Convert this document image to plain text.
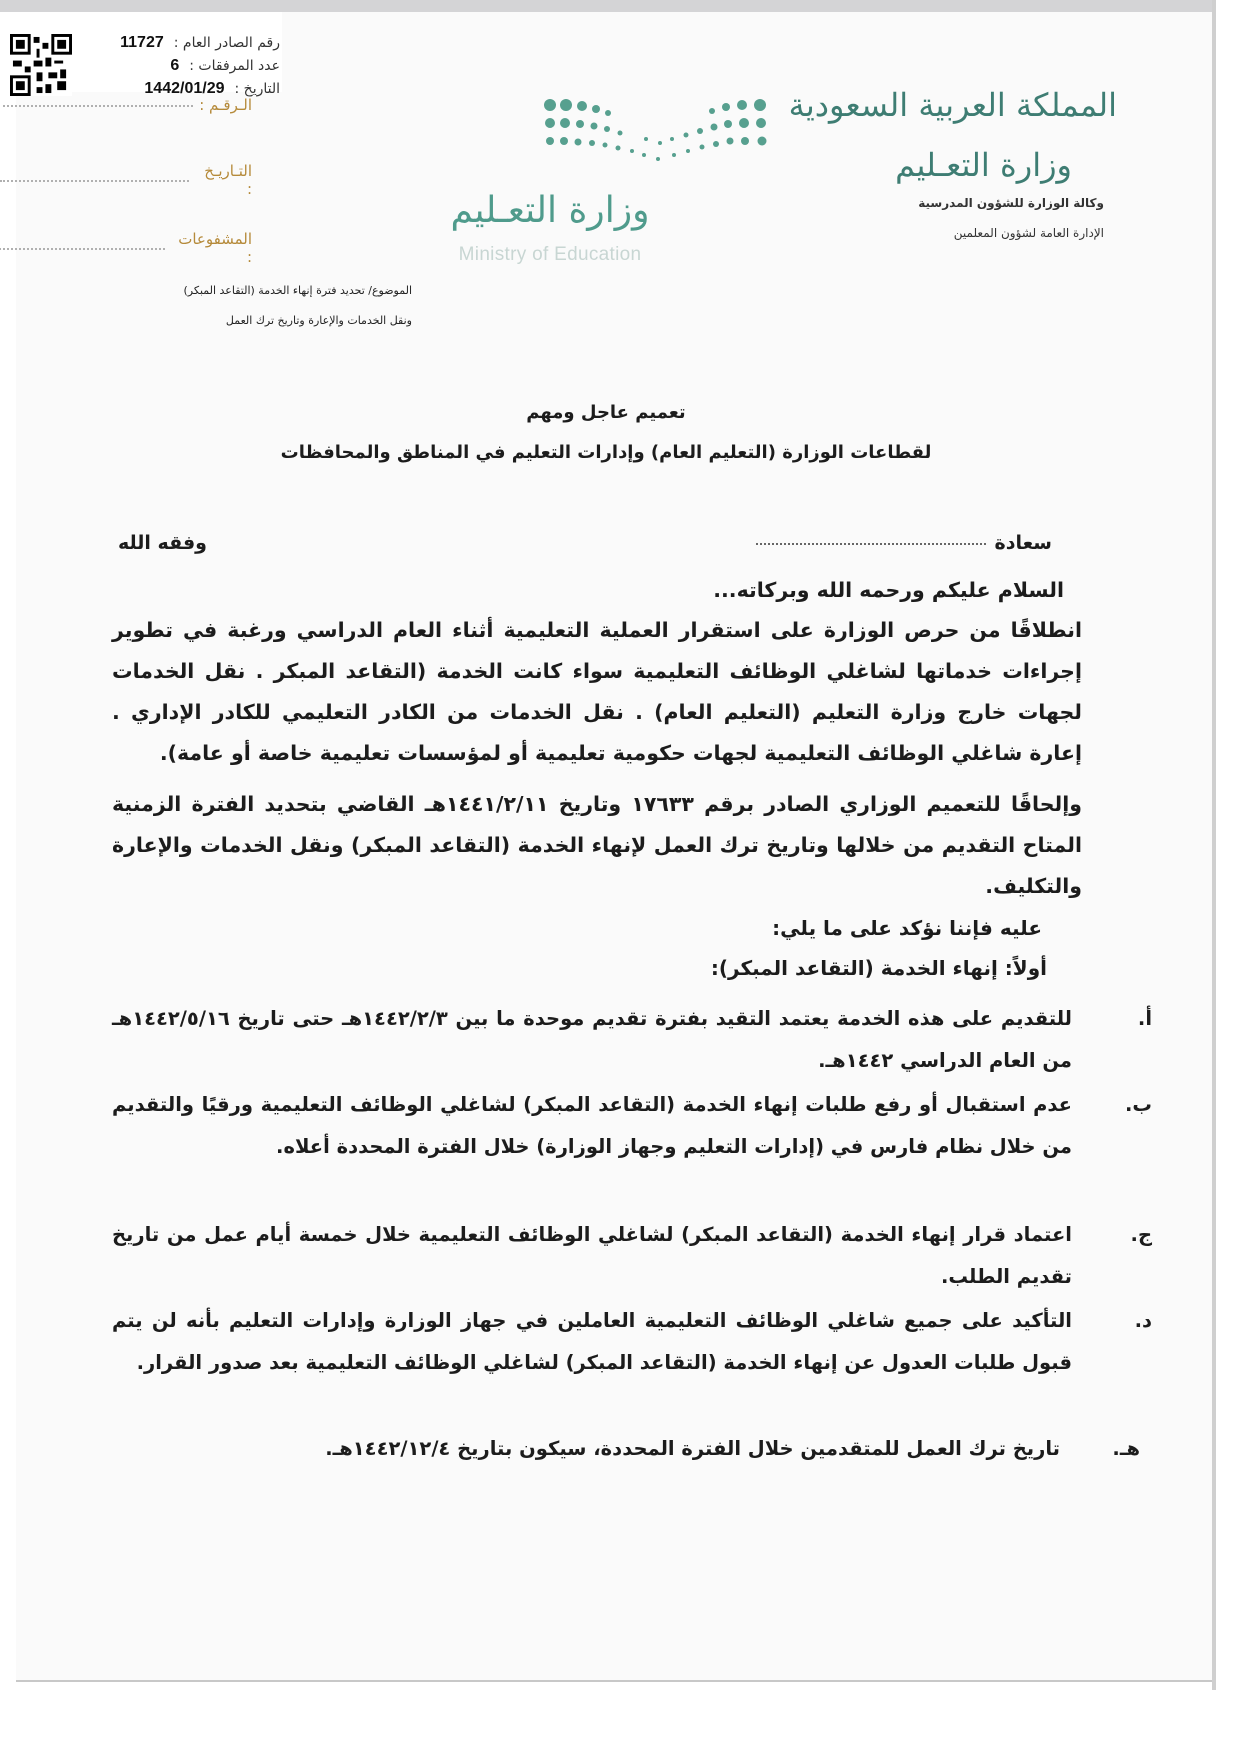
رقم الصادر العام :
11727
عدد المرفقات :
6
التاريخ :
1442/01/29	المملكة العربية السعودية
وزارة التعـليم
وكالة الوزارة للشؤون المدرسية
الإدارة العامة لشؤون المعلمين
وزارة التعـليم
Ministry of Education
الـرقـم :
التـاريـخ :
المشفوعات :
الموضوع/ تحديد فترة إنهاء الخدمة (التقاعد المبكر)
ونقل الخدمات والإعارة وتاريخ ترك العمل
تعميم عاجل ومهم
لقطاعات الوزارة (التعليم العام) وإدارات التعليم في المناطق والمحافظات
سعادة
وفقه الله
السلام عليكم ورحمه الله وبركاته...
انطلاقًا من حرص الوزارة على استقرار العملية التعليمية أثناء العام الدراسي ورغبة في تطوير إجراءات خدماتها لشاغلي الوظائف التعليمية سواء كانت الخدمة (التقاعد المبكر . نقل الخدمات لجهات خارج وزارة التعليم (التعليم العام) . نقل الخدمات من الكادر التعليمي للكادر الإداري . إعارة شاغلي الوظائف التعليمية لجهات حكومية تعليمية أو لمؤسسات تعليمية خاصة أو عامة).
وإلحاقًا للتعميم الوزاري الصادر برقم ١٧٦٣٣ وتاريخ ١٤٤١/٢/١١هـ القاضي بتحديد الفترة الزمنية المتاح التقديم من خلالها وتاريخ ترك العمل لإنهاء الخدمة (التقاعد المبكر) ونقل الخدمات والإعارة والتكليف.
عليه فإننا نؤكد على ما يلي:
أولاً: إنهاء الخدمة (التقاعد المبكر):
أ.
للتقديم على هذه الخدمة يعتمد التقيد بفترة تقديم موحدة ما بين ١٤٤٢/٢/٣هـ حتى تاريخ ١٤٤٢/٥/١٦هـ من العام الدراسي ١٤٤٢هـ.
ب.
عدم استقبال أو رفع طلبات إنهاء الخدمة (التقاعد المبكر) لشاغلي الوظائف التعليمية ورقيًا والتقديم من خلال نظام فارس في (إدارات التعليم وجهاز الوزارة) خلال الفترة المحددة أعلاه.
ج.
اعتماد قرار إنهاء الخدمة (التقاعد المبكر) لشاغلي الوظائف التعليمية خلال خمسة أيام عمل من تاريخ تقديم الطلب.
د.
التأكيد على جميع شاغلي الوظائف التعليمية العاملين في جهاز الوزارة وإدارات التعليم بأنه لن يتم قبول طلبات العدول عن إنهاء الخدمة (التقاعد المبكر) لشاغلي الوظائف التعليمية بعد صدور القرار.
هـ.
تاريخ ترك العمل للمتقدمين خلال الفترة المحددة، سيكون بتاريخ ١٤٤٢/١٢/٤هـ.
